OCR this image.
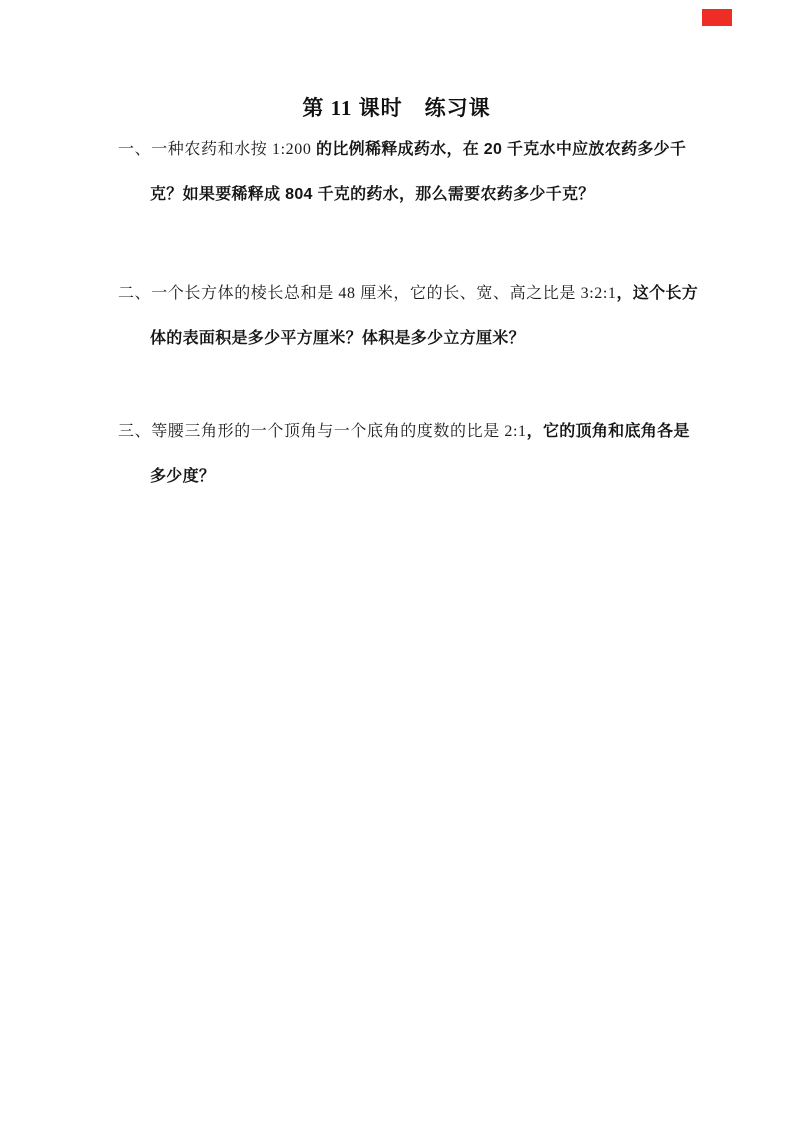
第 11 课时　练习课
一、一种农药和水按 1:200 的比例稀释成药水，在 20 千克水中应放农药多少千
克？如果要稀释成 804 千克的药水，那么需要农药多少千克？
二、一个长方体的棱长总和是 48 厘米，它的长、宽、高之比是 3:2:1，这个长方
体的表面积是多少平方厘米？体积是多少立方厘米？
三、等腰三角形的一个顶角与一个底角的度数的比是 2:1，它的顶角和底角各是
多少度？
